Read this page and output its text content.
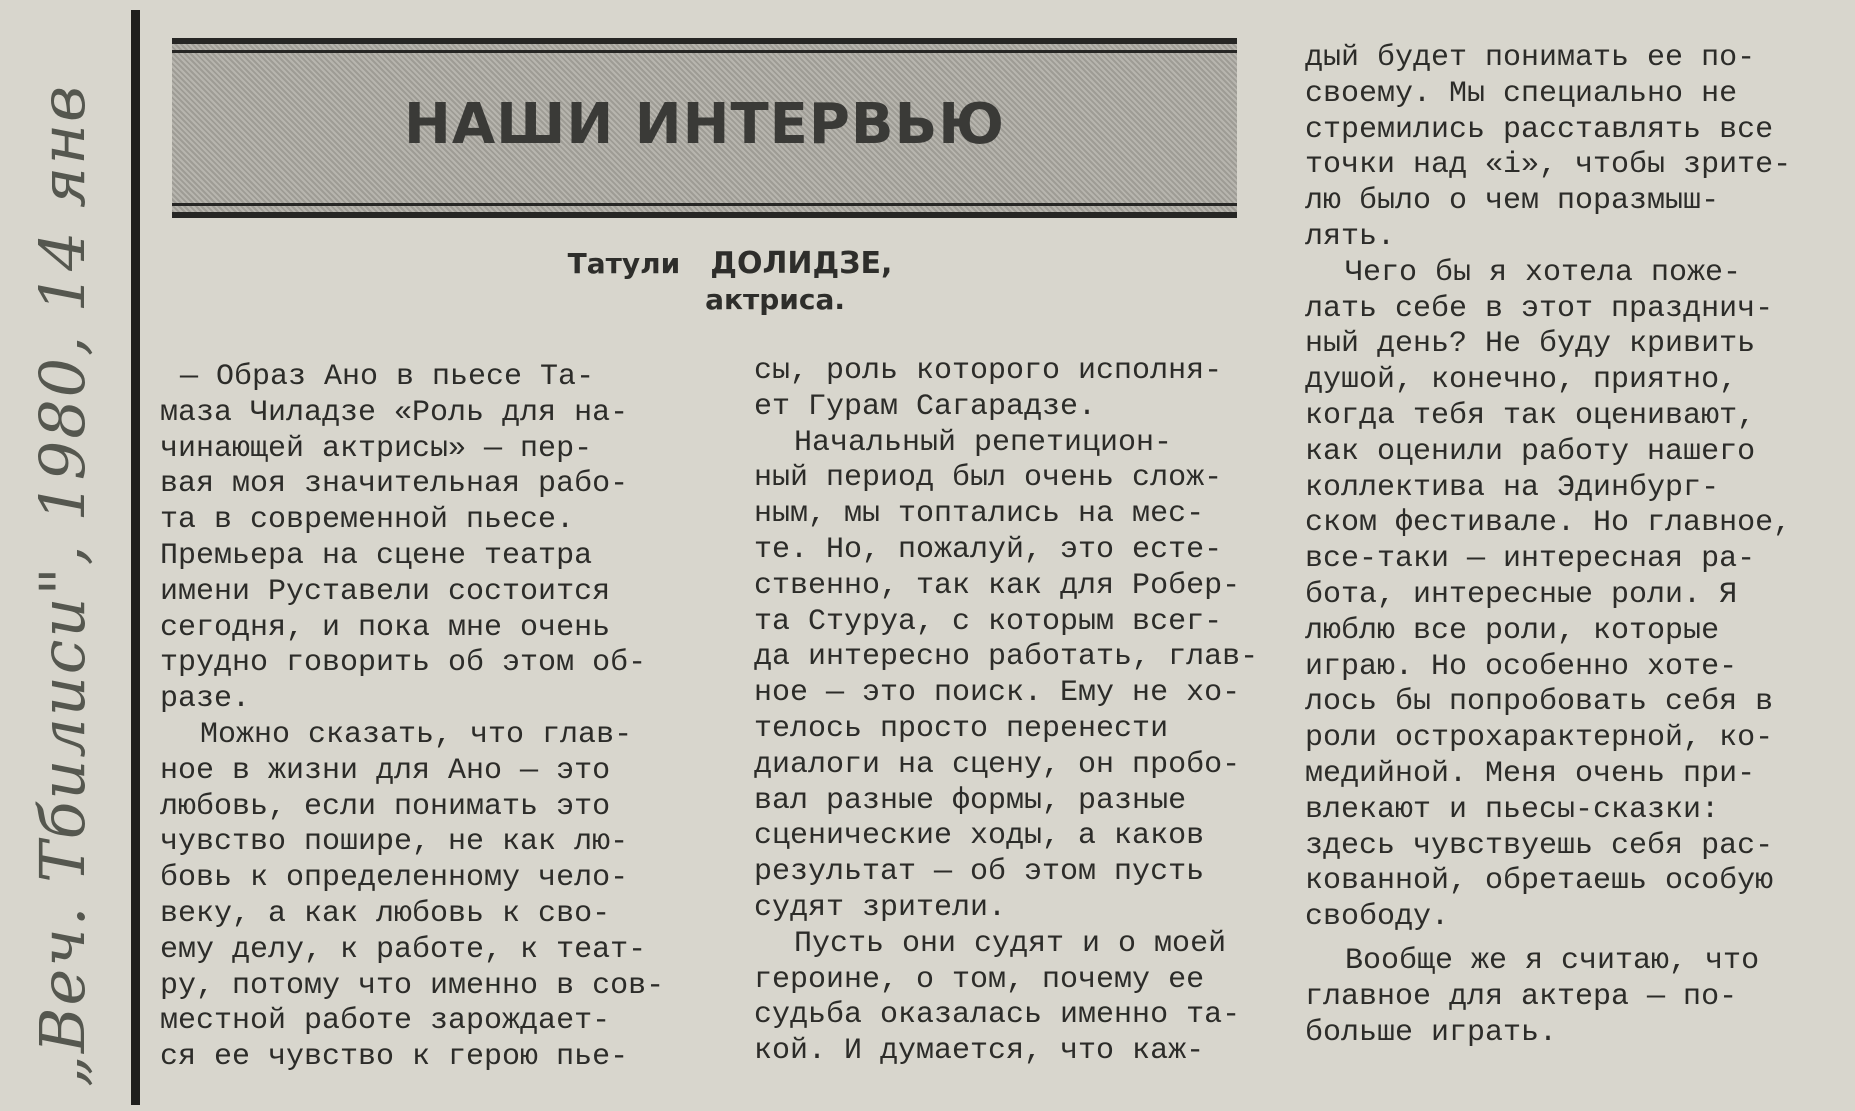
„Веч. Тбилиси", 1980, 14 янв	НАШИ ИНТЕРВЬЮ
Татули ДОЛИДЗЕ,
актриса.
— Образ Ано в пьесе Та-
маза Чиладзе «Роль для на-
чинающей актрисы» — пер-
вая моя значительная рабо-
та в современной пьесе.
Премьера на сцене театра
имени Руставели состоится
сегодня, и пока мне очень
трудно говорить об этом об-
разе.
Можно сказать, что глав-
ное в жизни для Ано — это
любовь, если понимать это
чувство пошире, не как лю-
бовь к определенному чело-
веку, а как любовь к сво-
ему делу, к работе, к теат-
ру, потому что именно в сов-
местной работе зарождает-
ся ее чувство к герою пье-
сы, роль которого исполня-
ет Гурам Сагарадзе.
Начальный репетицион-
ный период был очень слож-
ным, мы топтались на мес-
те. Но, пожалуй, это есте-
ственно, так как для Робер-
та Стуруа, с которым всег-
да интересно работать, глав-
ное — это поиск. Ему не хо-
телось просто перенести
диалоги на сцену, он пробо-
вал разные формы, разные
сценические ходы, а каков
результат — об этом пусть
судят зрители.
Пусть они судят и о моей
героине, о том, почему ее
судьба оказалась именно та-
кой. И думается, что каж-
дый будет понимать ее по-
своему. Мы специально не
стремились расставлять все
точки над «і», чтобы зрите-
лю было о чем поразмыш-
лять.
Чего бы я хотела поже-
лать себе в этот празднич-
ный день? Не буду кривить
душой, конечно, приятно,
когда тебя так оценивают,
как оценили работу нашего
коллектива на Эдинбург-
ском фестивале. Но главное,
все-таки — интересная ра-
бота, интересные роли. Я
люблю все роли, которые
играю. Но особенно хоте-
лось бы попробовать себя в
роли острохарактерной, ко-
медийной. Меня очень при-
влекают и пьесы-сказки:
здесь чувствуешь себя рас-
кованной, обретаешь особую
свободу.
Вообще же я считаю, что
главное для актера — по-
больше играть.
